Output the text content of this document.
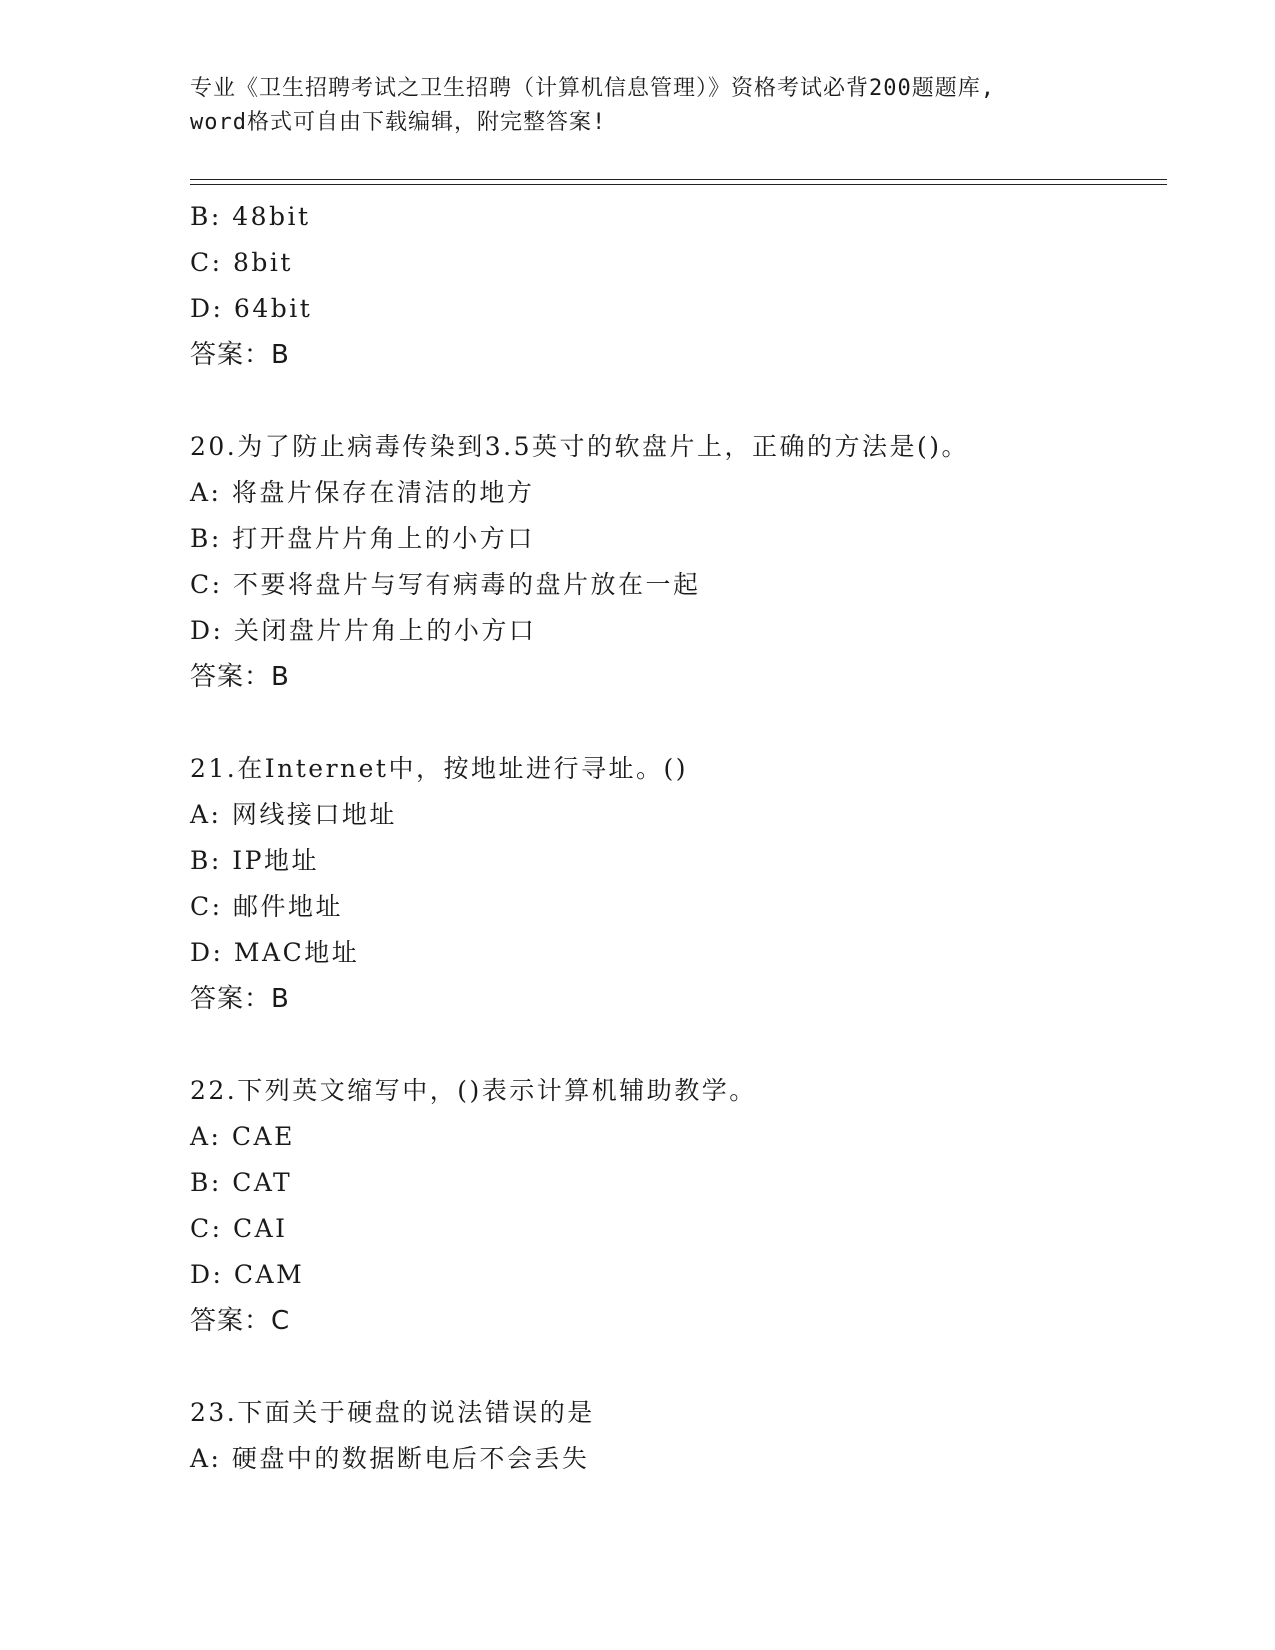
专业《卫生招聘考试之卫生招聘（计算机信息管理）》资格考试必背200题题库,
word格式可自由下载编辑，附完整答案!
B: 48bit
C: 8bit
D: 64bit
答案：B
20.为了防止病毒传染到3.5英寸的软盘片上，正确的方法是()。
A: 将盘片保存在清洁的地方
B: 打开盘片片角上的小方口
C: 不要将盘片与写有病毒的盘片放在一起
D: 关闭盘片片角上的小方口
答案：B
21.在Internet中，按地址进行寻址。()
A: 网线接口地址
B: IP地址
C: 邮件地址
D: MAC地址
答案：B
22.下列英文缩写中，()表示计算机辅助教学。
A: CAE
B: CAT
C: CAI
D: CAM
答案：C
23.下面关于硬盘的说法错误的是
A: 硬盘中的数据断电后不会丢失
